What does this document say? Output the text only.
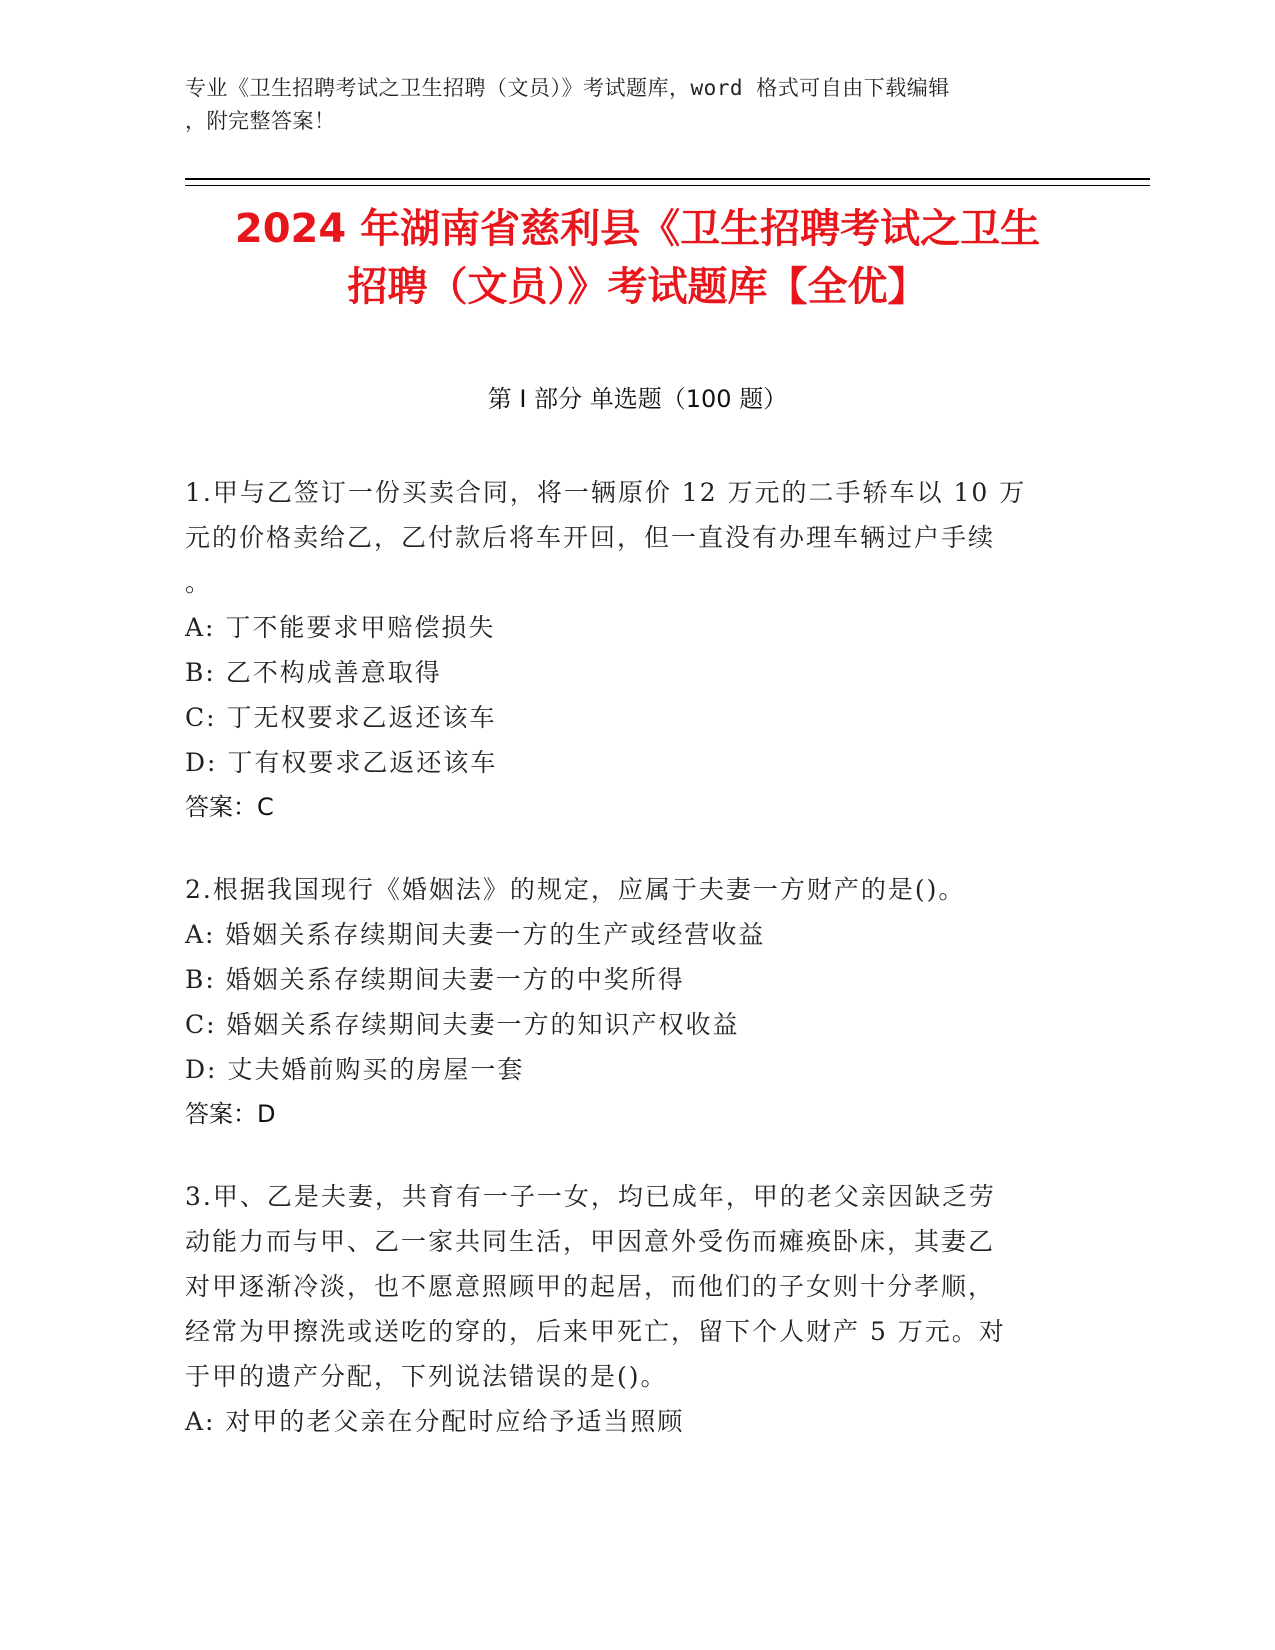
专业《卫生招聘考试之卫生招聘（文员）》考试题库，word 格式可自由下载编辑
，附完整答案！
2024 年湖南省慈利县《卫生招聘考试之卫生
招聘（文员）》考试题库【全优】
第 I 部分 单选题（100 题）
1.甲与乙签订一份买卖合同，将一辆原价 12 万元的二手轿车以 10 万
元的价格卖给乙，乙付款后将车开回，但一直没有办理车辆过户手续
。
A: 丁不能要求甲赔偿损失
B: 乙不构成善意取得
C: 丁无权要求乙返还该车
D: 丁有权要求乙返还该车
答案：C
2.根据我国现行《婚姻法》的规定，应属于夫妻一方财产的是()。
A: 婚姻关系存续期间夫妻一方的生产或经营收益
B: 婚姻关系存续期间夫妻一方的中奖所得
C: 婚姻关系存续期间夫妻一方的知识产权收益
D: 丈夫婚前购买的房屋一套
答案：D
3.甲、乙是夫妻，共育有一子一女，均已成年，甲的老父亲因缺乏劳
动能力而与甲、乙一家共同生活，甲因意外受伤而瘫痪卧床，其妻乙
对甲逐渐冷淡，也不愿意照顾甲的起居，而他们的子女则十分孝顺，
经常为甲擦洗或送吃的穿的，后来甲死亡，留下个人财产 5 万元。对
于甲的遗产分配，下列说法错误的是()。
A: 对甲的老父亲在分配时应给予适当照顾
